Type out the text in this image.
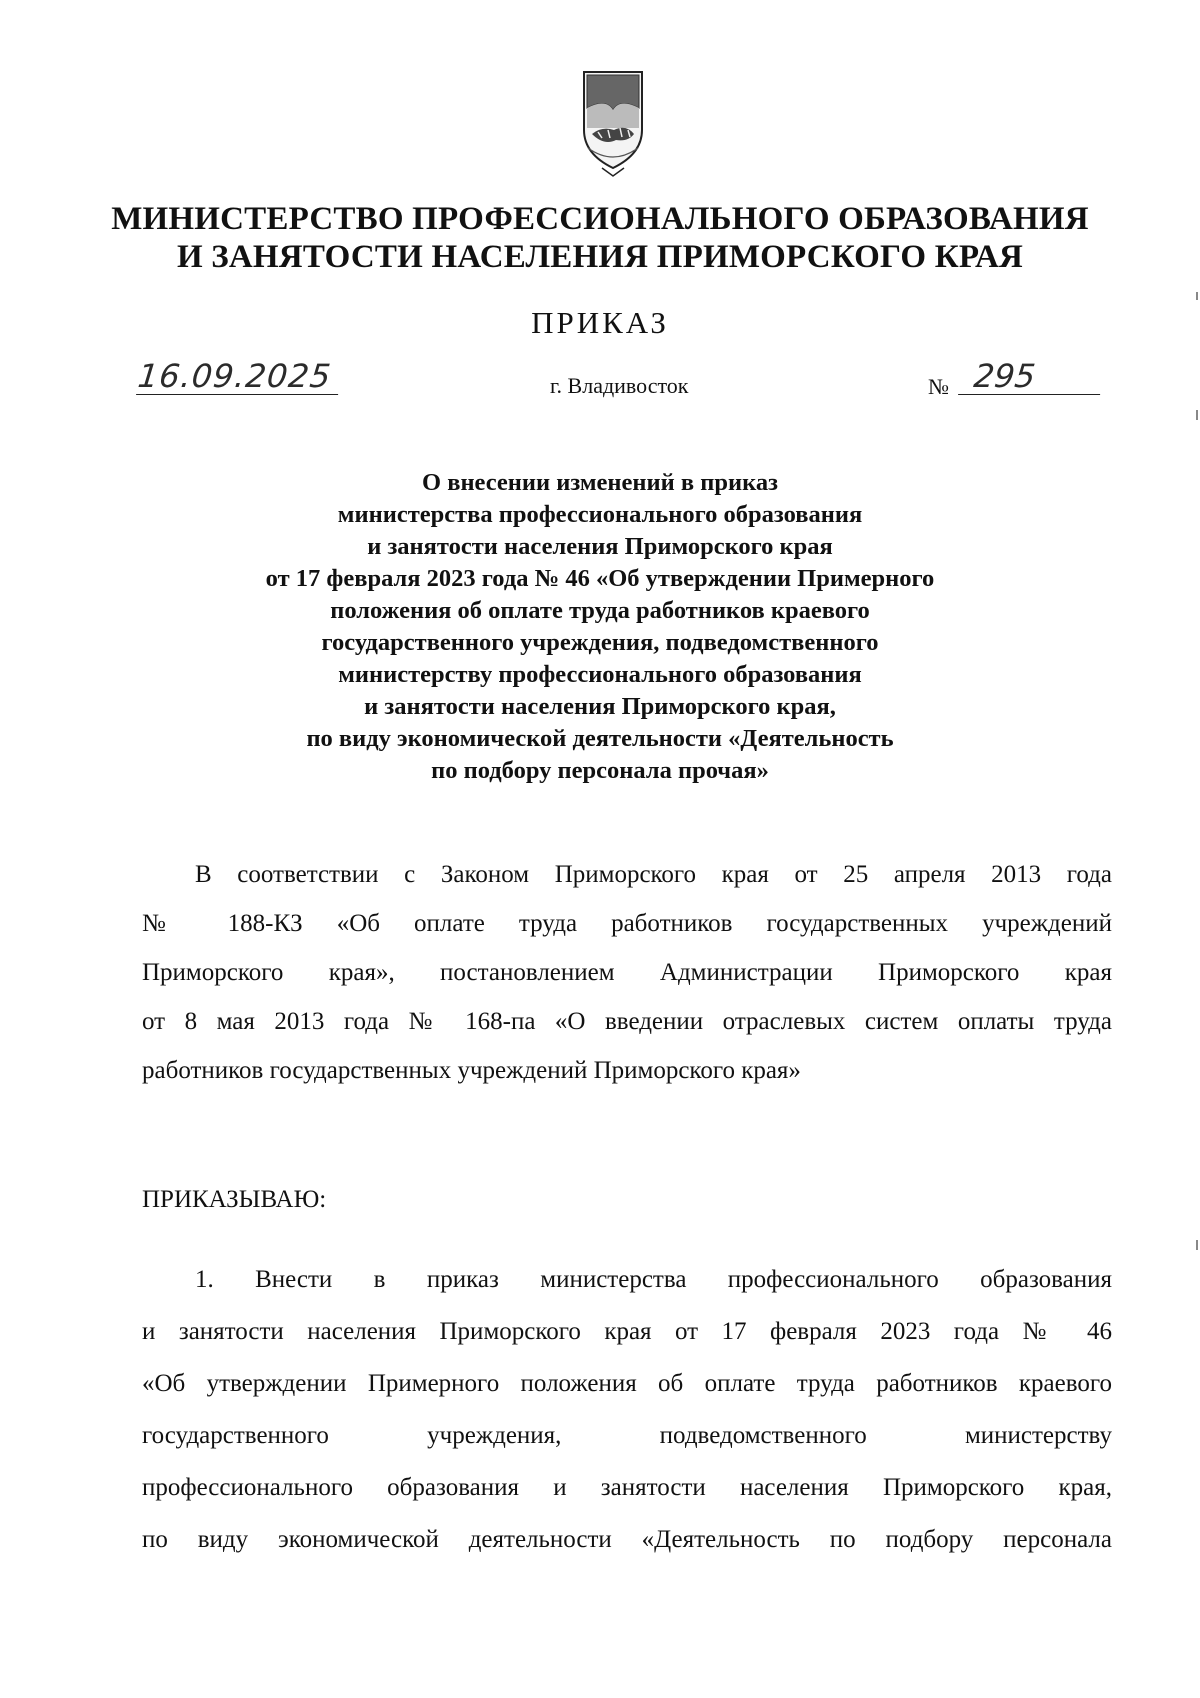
МИНИСТЕРСТВО ПРОФЕССИОНАЛЬНОГО ОБРАЗОВАНИЯ
И ЗАНЯТОСТИ НАСЕЛЕНИЯ ПРИМОРСКОГО КРАЯ
ПРИКАЗ
16.09.2025	г. Владивосток	№ 295
О внесении изменений в приказ
министерства профессионального образования
и занятости населения Приморского края
от 17 февраля 2023 года № 46 «Об утверждении Примерного
положения об оплате труда работников краевого
государственного учреждения, подведомственного
министерству профессионального образования
и занятости населения Приморского края,
по виду экономической деятельности «Деятельность
по подбору персонала прочая»
В соответствии с Законом Приморского края от 25 апреля 2013 года
№ 188-КЗ «Об оплате труда работников государственных учреждений
Приморского края», постановлением Администрации Приморского края
от 8 мая 2013 года № 168-па «О введении отраслевых систем оплаты труда
работников государственных учреждений Приморского края»
ПРИКАЗЫВАЮ:
1. Внести в приказ министерства профессионального образования
и занятости населения Приморского края от 17 февраля 2023 года № 46
«Об утверждении Примерного положения об оплате труда работников краевого
государственного учреждения, подведомственного министерству
профессионального образования и занятости населения Приморского края,
по виду экономической деятельности «Деятельность по подбору персонала
